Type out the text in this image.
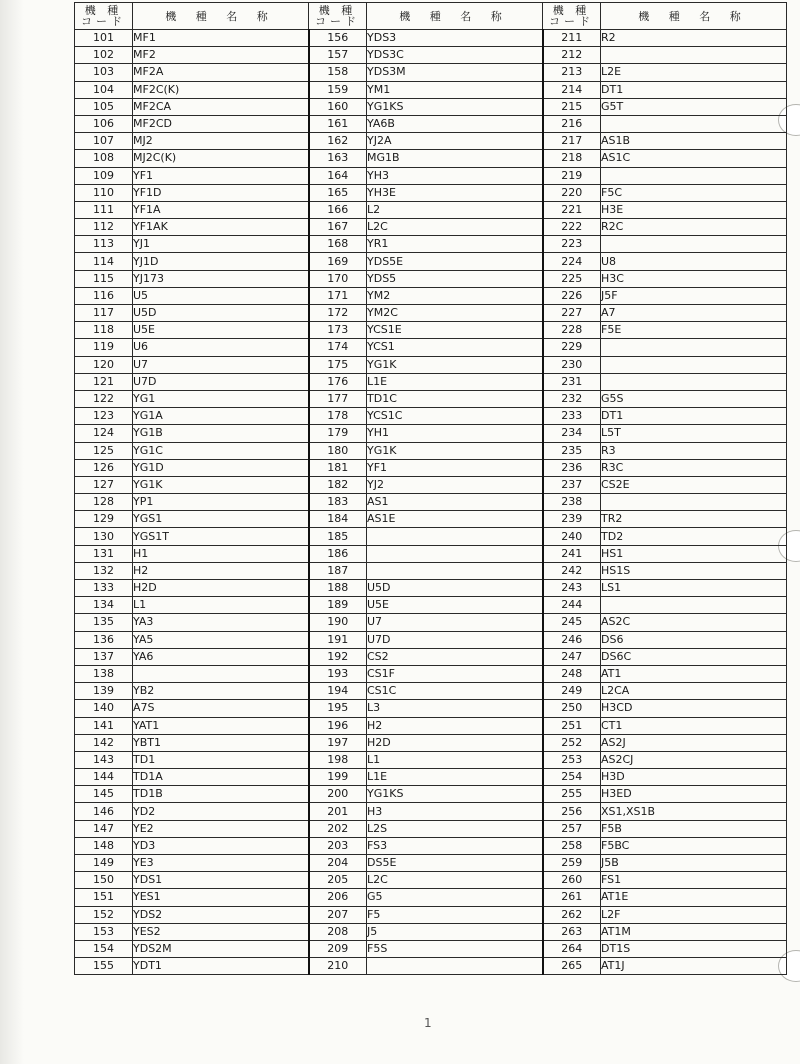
機 種
コード	機 種 名 称	機 種
コード	機 種 名 称	機 種
コード	機 種 名 称
101	MF1	156	YDS3	211	R2
102	MF2	157	YDS3C	212	
103	MF2A	158	YDS3M	213	L2E
104	MF2C(K)	159	YM1	214	DT1
105	MF2CA	160	YG1KS	215	G5T
106	MF2CD	161	YA6B	216	
107	MJ2	162	YJ2A	217	AS1B
108	MJ2C(K)	163	MG1B	218	AS1C
109	YF1	164	YH3	219	
110	YF1D	165	YH3E	220	F5C
111	YF1A	166	L2	221	H3E
112	YF1AK	167	L2C	222	R2C
113	YJ1	168	YR1	223	
114	YJ1D	169	YDS5E	224	U8
115	YJ173	170	YDS5	225	H3C
116	U5	171	YM2	226	J5F
117	U5D	172	YM2C	227	A7
118	U5E	173	YCS1E	228	F5E
119	U6	174	YCS1	229	
120	U7	175	YG1K	230	
121	U7D	176	L1E	231	
122	YG1	177	TD1C	232	G5S
123	YG1A	178	YCS1C	233	DT1
124	YG1B	179	YH1	234	L5T
125	YG1C	180	YG1K	235	R3
126	YG1D	181	YF1	236	R3C
127	YG1K	182	YJ2	237	CS2E
128	YP1	183	AS1	238	
129	YGS1	184	AS1E	239	TR2
130	YGS1T	185		240	TD2
131	H1	186		241	HS1
132	H2	187		242	HS1S
133	H2D	188	U5D	243	LS1
134	L1	189	U5E	244	
135	YA3	190	U7	245	AS2C
136	YA5	191	U7D	246	DS6
137	YA6	192	CS2	247	DS6C
138		193	CS1F	248	AT1
139	YB2	194	CS1C	249	L2CA
140	A7S	195	L3	250	H3CD
141	YAT1	196	H2	251	CT1
142	YBT1	197	H2D	252	AS2J
143	TD1	198	L1	253	AS2CJ
144	TD1A	199	L1E	254	H3D
145	TD1B	200	YG1KS	255	H3ED
146	YD2	201	H3	256	XS1,XS1B
147	YE2	202	L2S	257	F5B
148	YD3	203	FS3	258	F5BC
149	YE3	204	DS5E	259	J5B
150	YDS1	205	L2C	260	FS1
151	YES1	206	G5	261	AT1E
152	YDS2	207	F5	262	L2F
153	YES2	208	J5	263	AT1M
154	YDS2M	209	F5S	264	DT1S
155	YDT1	210		265	AT1J
1
